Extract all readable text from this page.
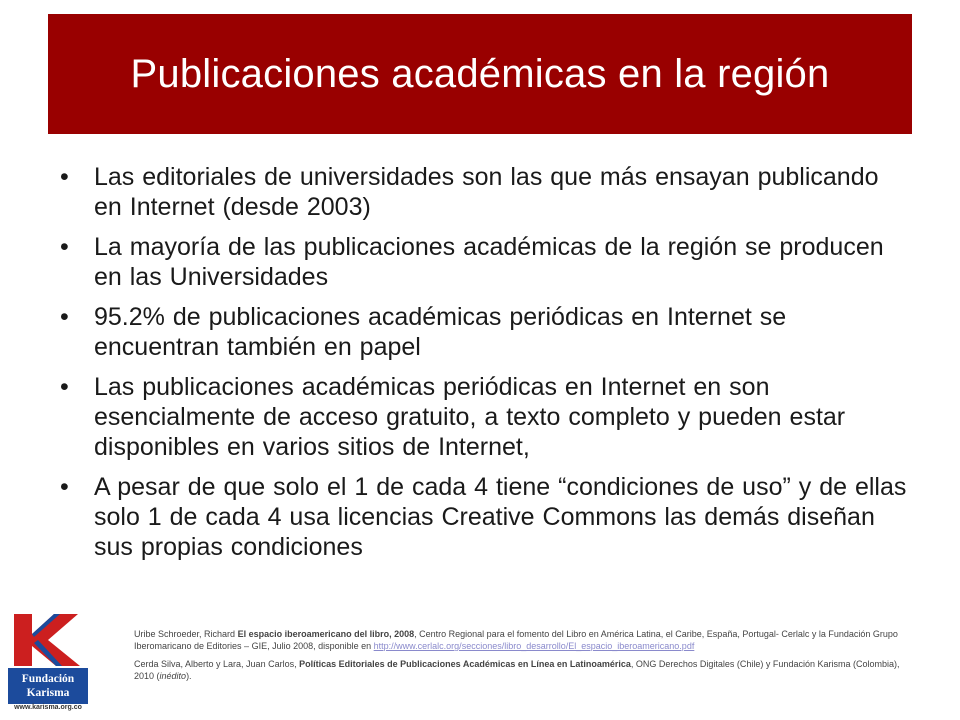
Publicaciones académicas en la región
• Las editoriales de universidades son las que más ensayan publicando en Internet (desde 2003)
• La mayoría de las publicaciones académicas de la región se producen en las Universidades
• 95.2% de publicaciones académicas periódicas en Internet se encuentran también en papel
• Las publicaciones académicas periódicas en Internet en son esencialmente de acceso gratuito, a texto completo y pueden estar disponibles en varios sitios de Internet,
• A pesar de que solo el 1 de cada 4 tiene “condiciones de uso” y de ellas solo 1 de cada 4 usa licencias Creative Commons las demás diseñan sus propias condiciones
Fundación
Karisma
www.karisma.org.co

Uribe Schroeder, Richard El espacio iberoamericano del libro, 2008, Centro Regional para el fomento del Libro en América Latina, el Caribe, España, Portugal- Cerlalc y la Fundación Grupo Iberomaricano de Editories – GIE, Julio 2008, disponible en http://www.cerlalc.org/secciones/libro_desarrollo/El_espacio_iberoamericano.pdf

Cerda Silva, Alberto y Lara, Juan Carlos, Políticas Editoriales de Publicaciones Académicas en Línea en Latinoamérica, ONG Derechos Digitales (Chile) y Fundación Karisma (Colombia), 2010 (inédito).
